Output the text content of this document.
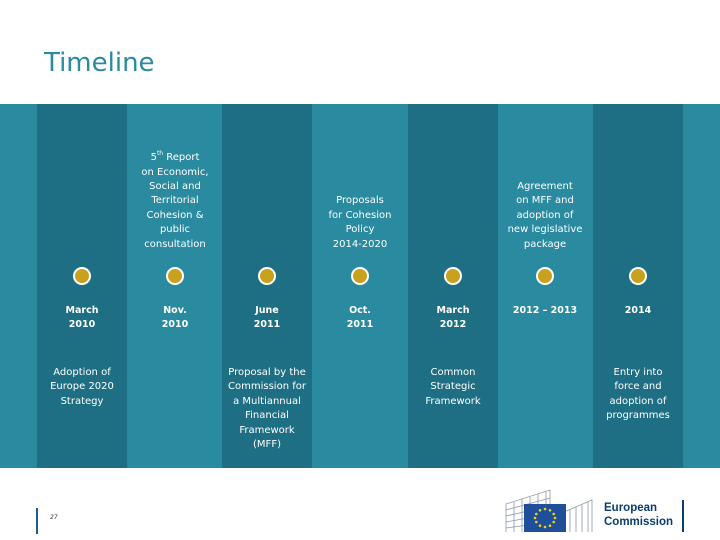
Timeline
March
2010
Adoption of
Europe 2020
Strategy
5th Report
on Economic,
Social and
Territorial
Cohesion &
public
consultation
Nov.
2010
June
2011
Proposal by the
Commission for
a Multiannual
Financial
Framework
(MFF)
Proposals
for Cohesion
Policy
2014-2020
Oct.
2011
March
2012
Common
Strategic
Framework
Agreement
on MFF and
adoption of
new legislative
package
2012 – 2013	2014
Entry into
force and
adoption of
programmes
27
European
Commission
